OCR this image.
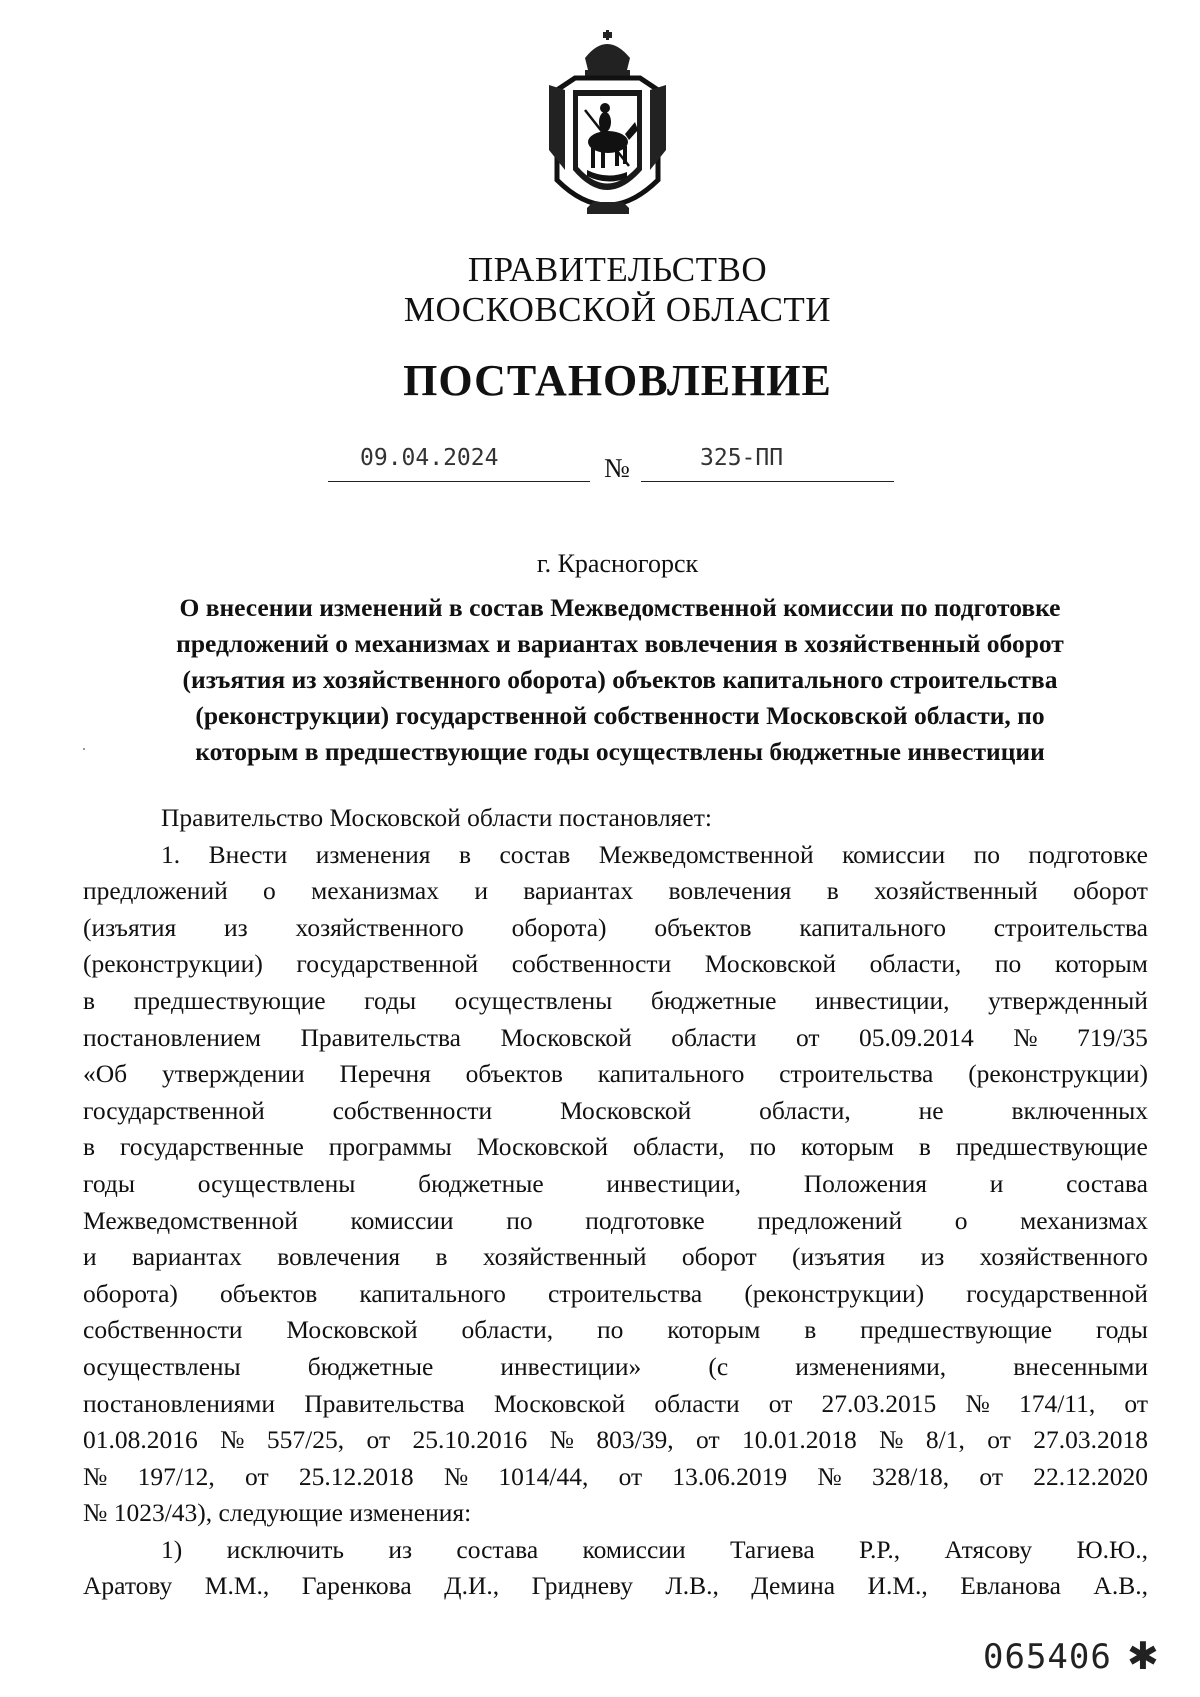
ПРАВИТЕЛЬСТВО
МОСКОВСКОЙ ОБЛАСТИ
ПОСТАНОВЛЕНИЕ
09.04.2024	№	325-ПП
г. Красногорск
О внесении изменений в состав Межведомственной комиссии по подготовке
предложений о механизмах и вариантах вовлечения в хозяйственный оборот
(изъятия из хозяйственного оборота) объектов капитального строительства
(реконструкции) государственной собственности Московской области, по
которым в предшествующие годы осуществлены бюджетные инвестиции
Правительство Московской области постановляет:
1. Внести изменения в состав Межведомственной комиссии по подготовке
предложений о механизмах и вариантах вовлечения в хозяйственный оборот
(изъятия из хозяйственного оборота) объектов капитального строительства
(реконструкции) государственной собственности Московской области, по которым
в предшествующие годы осуществлены бюджетные инвестиции, утвержденный
постановлением Правительства Московской области от 05.09.2014 № 719/35
«Об утверждении Перечня объектов капитального строительства (реконструкции)
государственной	собственности	Московской	области,	не	включенных
в государственные программы Московской области, по которым в предшествующие
годы осуществлены бюджетные инвестиции, Положения и состава
Межведомственной комиссии по подготовке предложений о механизмах
и вариантах вовлечения в хозяйственный оборот (изъятия из хозяйственного
оборота) объектов капитального строительства (реконструкции) государственной
собственности Московской области, по которым в предшествующие годы
осуществлены	бюджетные	инвестиции»	(с	изменениями,	внесенными
постановлениями Правительства Московской области от 27.03.2015 № 174/11, от
01.08.2016 № 557/25, от 25.10.2016 № 803/39, от 10.01.2018 № 8/1, от 27.03.2018
№ 197/12, от 25.12.2018 № 1014/44, от 13.06.2019 № 328/18, от 22.12.2020
№ 1023/43), следующие изменения:
1) исключить из состава комиссии Тагиева Р.Р., Атясову Ю.Ю.,
Аратову М.М., Гаренкова Д.И., Гридневу Л.В., Демина И.М., Евланова А.В.,
065406 ✱
